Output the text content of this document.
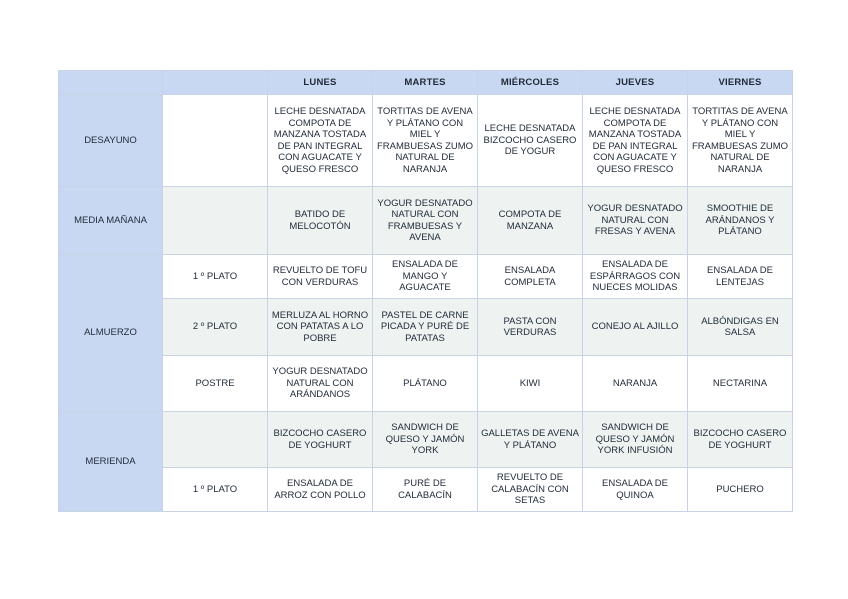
		LUNES	MARTES	MIÉRCOLES	JUEVES	VIERNES
DESAYUNO		LECHE DESNATADA COMPOTA DE MANZANA TOSTADA DE PAN INTEGRAL CON AGUACATE Y QUESO FRESCO	TORTITAS DE AVENA Y PLÁTANO CON MIEL Y FRAMBUESAS ZUMO NATURAL DE NARANJA	LECHE DESNATADA BIZCOCHO CASERO DE YOGUR	LECHE DESNATADA COMPOTA DE MANZANA TOSTADA DE PAN INTEGRAL CON AGUACATE Y QUESO FRESCO	TORTITAS DE AVENA Y PLÁTANO CON MIEL Y FRAMBUESAS ZUMO NATURAL DE NARANJA
MEDIA MAÑANA		BATIDO DE MELOCOTÓN	YOGUR DESNATADO NATURAL CON FRAMBUESAS Y AVENA	COMPOTA DE MANZANA	YOGUR DESNATADO NATURAL CON FRESAS Y AVENA	SMOOTHIE DE ARÁNDANOS Y PLÁTANO
ALMUERZO	1 º PLATO	REVUELTO DE TOFU CON VERDURAS	ENSALADA DE MANGO Y AGUACATE	ENSALADA COMPLETA	ENSALADA DE ESPÁRRAGOS CON NUECES MOLIDAS	ENSALADA DE LENTEJAS
	2 º PLATO	MERLUZA AL HORNO CON PATATAS A LO POBRE	PASTEL DE CARNE PICADA Y PURÉ DE PATATAS	PASTA CON VERDURAS	CONEJO AL AJILLO	ALBÓNDIGAS EN SALSA
	POSTRE	YOGUR DESNATADO NATURAL CON ARÁNDANOS	PLÁTANO	KIWI	NARANJA	NECTARINA
MERIENDA		BIZCOCHO CASERO DE YOGHURT	SANDWICH DE QUESO Y JAMÓN YORK	GALLETAS DE AVENA Y PLÁTANO	SANDWICH DE QUESO Y JAMÓN YORK INFUSIÓN	BIZCOCHO CASERO DE YOGHURT
	1 º PLATO	ENSALADA DE ARROZ CON POLLO	PURÉ DE CALABACÍN	REVUELTO DE CALABACÍN CON SETAS	ENSALADA DE QUINOA	PUCHERO
